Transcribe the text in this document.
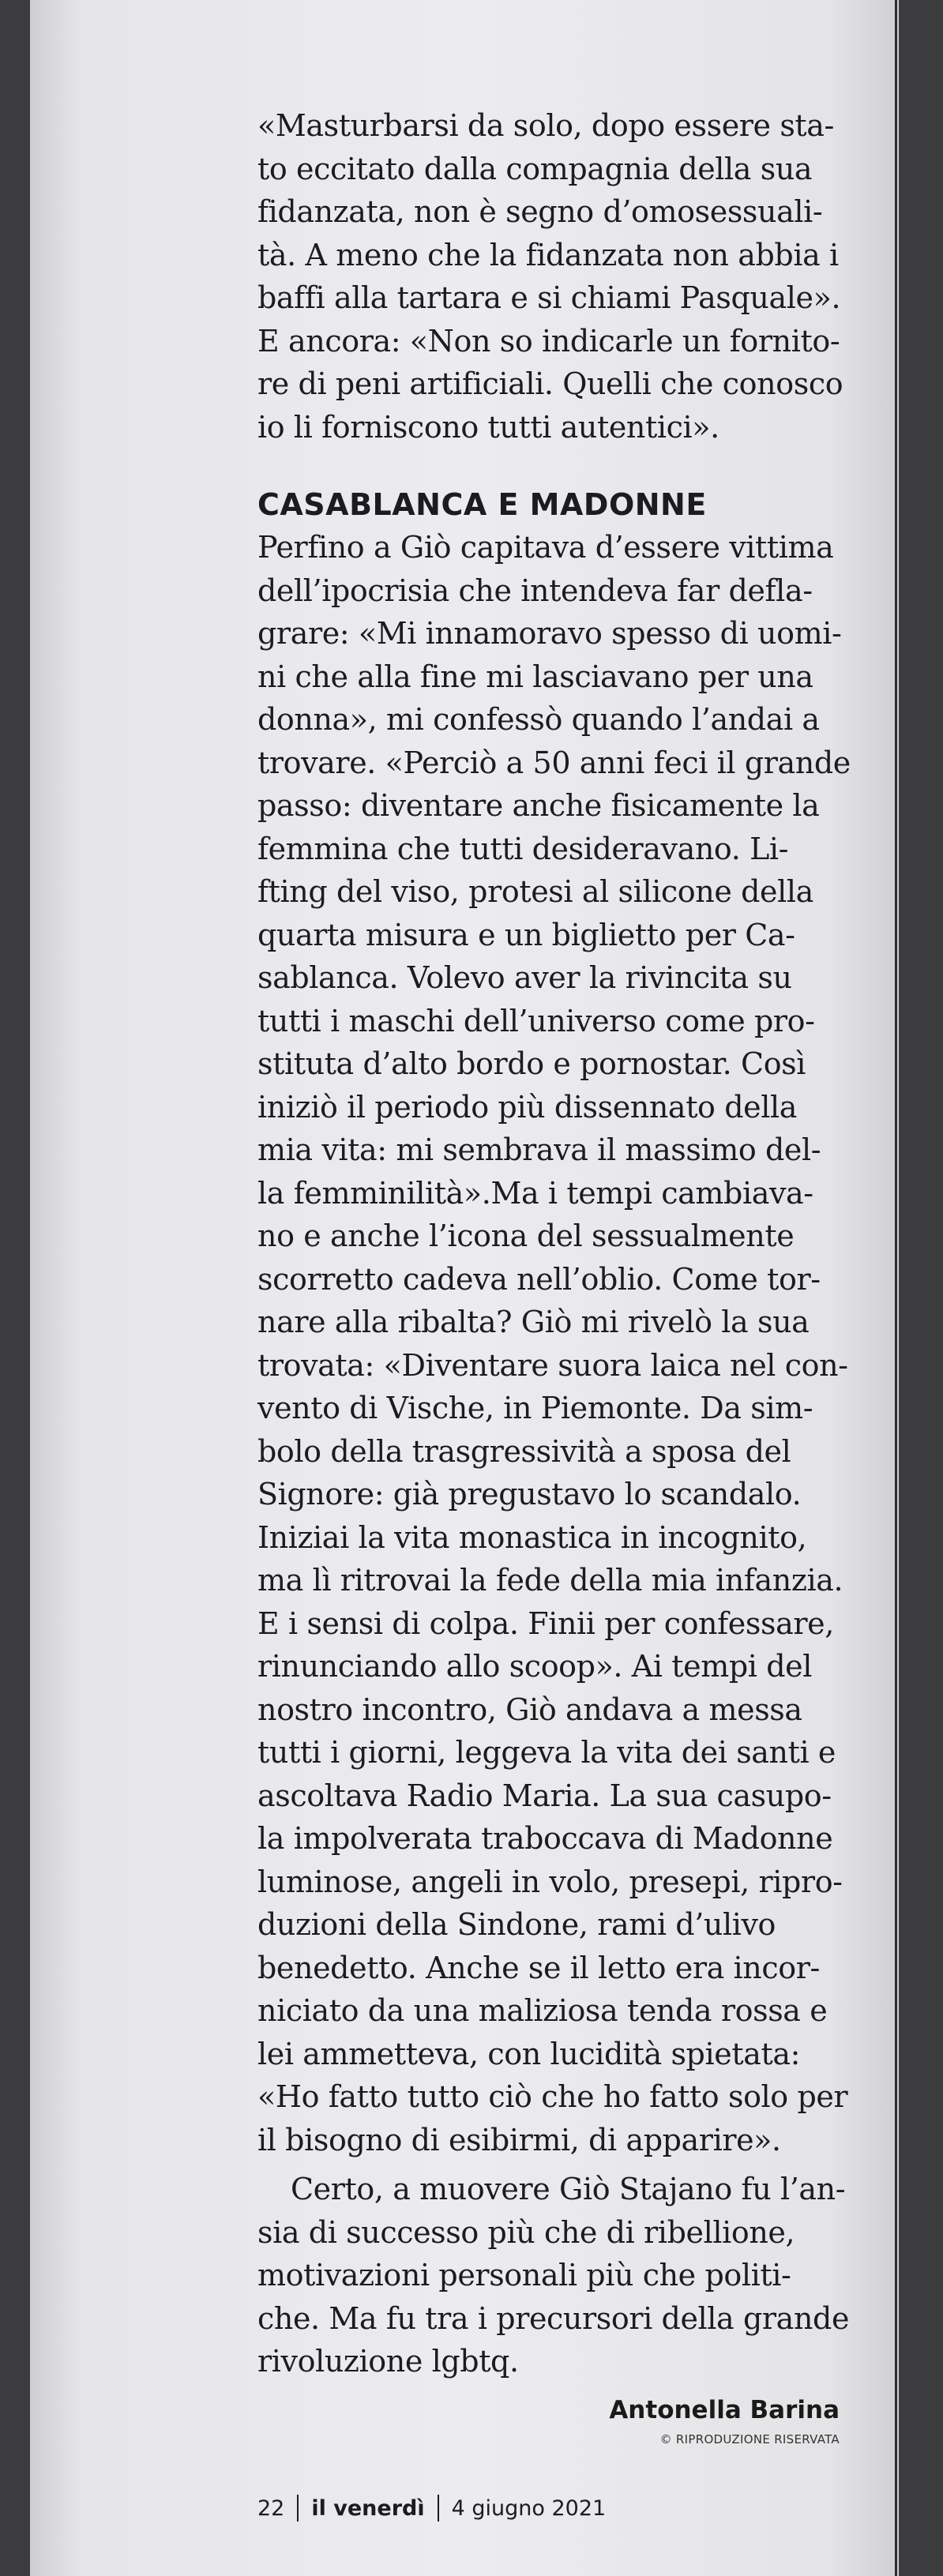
«Masturbarsi da solo, dopo essere sta-
to eccitato dalla compagnia della sua
fidanzata, non è segno d’omosessuali-
tà. A meno che la fidanzata non abbia i
baffi alla tartara e si chiami Pasquale».
E ancora: «Non so indicarle un fornito-
re di peni artificiali. Quelli che conosco
io li forniscono tutti autentici».
CASABLANCA E MADONNE
Perfino a Giò capitava d’essere vittima
dell’ipocrisia che intendeva far defla-
grare: «Mi innamoravo spesso di uomi-
ni che alla fine mi lasciavano per una
donna», mi confessò quando l’andai a
trovare. «Perciò a 50 anni feci il grande
passo: diventare anche fisicamente la
femmina che tutti desideravano. Li-
fting del viso, protesi al silicone della
quarta misura e un biglietto per Ca-
sablanca. Volevo aver la rivincita su
tutti i maschi dell’universo come pro-
stituta d’alto bordo e pornostar. Così
iniziò il periodo più dissennato della
mia vita: mi sembrava il massimo del-
la femminilità».Ma i tempi cambiava-
no e anche l’icona del sessualmente
scorretto cadeva nell’oblio. Come tor-
nare alla ribalta? Giò mi rivelò la sua
trovata: «Diventare suora laica nel con-
vento di Vische, in Piemonte. Da sim-
bolo della trasgressività a sposa del
Signore: già pregustavo lo scandalo.
Iniziai la vita monastica in incognito,
ma lì ritrovai la fede della mia infanzia.
E i sensi di colpa. Finii per confessare,
rinunciando allo scoop». Ai tempi del
nostro incontro, Giò andava a messa
tutti i giorni, leggeva la vita dei santi e
ascoltava Radio Maria. La sua casupo-
la impolverata traboccava di Madonne
luminose, angeli in volo, presepi, ripro-
duzioni della Sindone, rami d’ulivo
benedetto. Anche se il letto era incor-
niciato da una maliziosa tenda rossa e
lei ammetteva, con lucidità spietata:
«Ho fatto tutto ciò che ho fatto solo per
il bisogno di esibirmi, di apparire».
Certo, a muovere Giò Stajano fu l’an-
sia di successo più che di ribellione,
motivazioni personali più che politi-
che. Ma fu tra i precursori della grande
rivoluzione lgbtq.
Antonella Barina
© RIPRODUZIONE RISERVATA
22 il venerdì 4 giugno 2021
